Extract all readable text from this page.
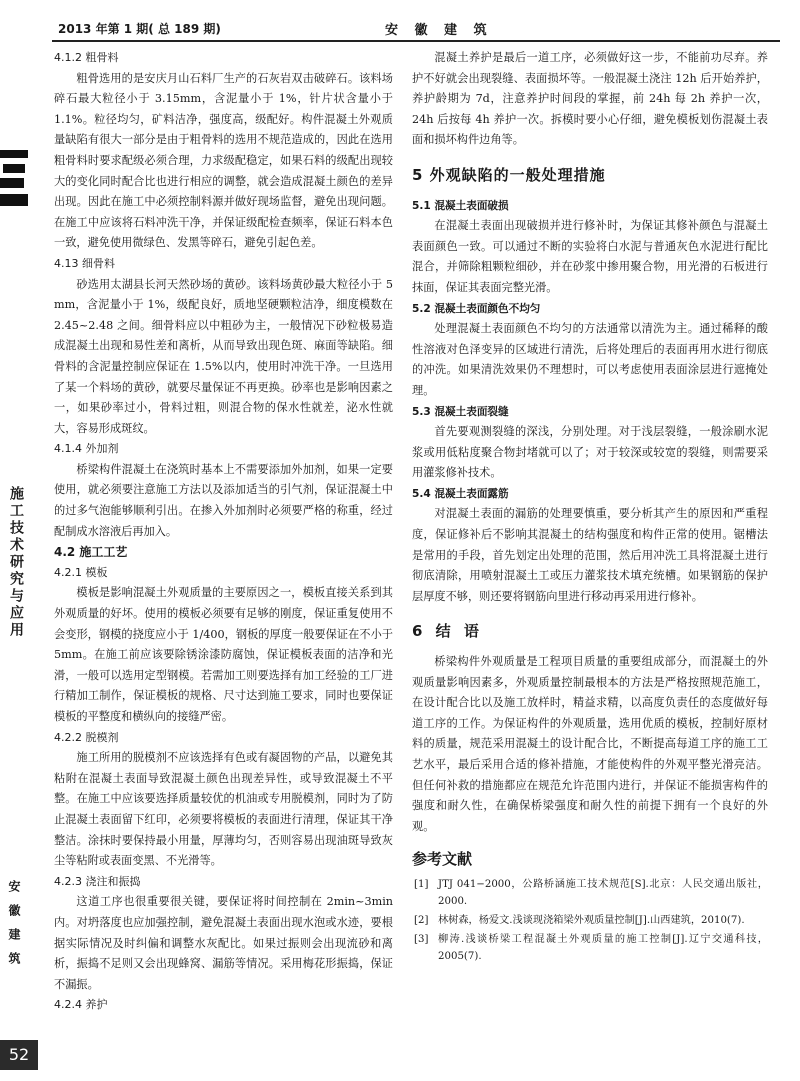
2013 年第 1 期( 总 189 期)	安 徽 建 筑
施工技术研究与应用
安徽建筑
52

4.1.2 粗骨料

粗骨选用的是安庆月山石料厂生产的石灰岩双击破碎石。该料场碎石最大粒径小于 3.15mm，含泥量小于 1%，针片状含量小于 1.1%。粒径均匀，矿料洁净，强度高，级配好。构件混凝土外观质量缺陷有很大一部分是由于粗骨料的选用不规范造成的，因此在选用粗骨料时要求配级必须合理，力求级配稳定，如果石料的级配出现较大的变化同时配合比也进行相应的调整，就会造成混凝土颜色的差异出现。因此在施工中必须控制料源并做好现场监督，避免出现问题。在施工中应该将石料冲洗干净，并保证级配检查频率，保证石料本色一致，避免使用微绿色、发黑等碎石，避免引起色差。

4.13 细骨料

砂选用太湖县长河天然砂场的黄砂。该料场黄砂最大粒径小于 5 mm，含泥量小于 1%，级配良好，质地坚硬颗粒洁净，细度模数在 2.45~2.48 之间。细骨料应以中粗砂为主，一般情况下砂粒极易造成混凝土出现和易性差和离析，从而导致出现色斑、麻面等缺陷。细骨料的含泥量控制应保证在 1.5%以内，使用时冲洗干净。一旦选用了某一个料场的黄砂，就要尽量保证不再更换。砂率也是影响因素之一，如果砂率过小，骨料过粗，则混合物的保水性就差，泌水性就大，容易形成斑纹。

4.1.4 外加剂

桥梁构件混凝土在浇筑时基本上不需要添加外加剂，如果一定要使用，就必须要注意施工方法以及添加适当的引气剂，保证混凝土中的过多气泡能够顺利引出。在掺入外加剂时必须要严格的称重，经过配制成水溶液后再加入。

4.2 施工工艺

4.2.1 模板

模板是影响混凝土外观质量的主要原因之一，模板直接关系到其外观质量的好坏。使用的模板必须要有足够的刚度，保证重复使用不会变形，钢模的挠度应小于 1/400，钢板的厚度一般要保证在不小于 5mm。在施工前应该要除锈涂漆防腐蚀，保证模板表面的洁净和光滑，一般可以选用定型钢模。若需加工则要选择有加工经验的工厂进行精加工制作，保证模板的规格、尺寸达到施工要求，同时也要保证模板的平整度和横纵向的接缝严密。

4.2.2 脱模剂

施工所用的脱模剂不应该选择有色或有凝固物的产品，以避免其粘附在混凝土表面导致混凝土颜色出现差异性，或导致混凝土不平整。在施工中应该要选择质量较优的机油或专用脱模剂，同时为了防止混凝土表面留下红印，必须要将模板的表面进行清理，保证其干净整洁。涂抹时要保持最小用量，厚薄均匀，否则容易出现油斑导致灰尘等粘附或表面变黑、不光滑等。

4.2.3 浇注和振捣

这道工序也很重要很关键，要保证将时间控制在 2min~3min 内。对坍落度也应加强控制，避免混凝土表面出现水泡或水迹，要根据实际情况及时纠偏和调整水灰配比。如果过振则会出现流砂和离析，振捣不足则又会出现蜂窝、漏筋等情况。采用梅花形振捣，保证不漏振。

4.2.4 养护

混凝土养护是最后一道工序，必须做好这一步，不能前功尽弃。养护不好就会出现裂缝、表面损坏等。一般混凝土浇注 12h 后开始养护，养护龄期为 7d，注意养护时间段的掌握，前 24h 每 2h 养护一次，24h 后按每 4h 养护一次。拆模时要小心仔细，避免模板划伤混凝土表面和损坏构件边角等。

5 外观缺陷的一般处理措施

5.1 混凝土表面破损

在混凝土表面出现破损并进行修补时，为保证其修补颜色与混凝土表面颜色一致。可以通过不断的实验将白水泥与普通灰色水泥进行配比混合，并筛除粗颗粒细砂，并在砂浆中掺用聚合物，用光滑的石板进行抹面，保证其表面完整光滑。

5.2 混凝土表面颜色不均匀

处理混凝土表面颜色不均匀的方法通常以清洗为主。通过稀释的酸性溶液对色泽变异的区域进行清洗，后将处理后的表面再用水进行彻底的冲洗。如果清洗效果仍不理想时，可以考虑使用表面涂层进行遮掩处理。

5.3 混凝土表面裂缝

首先要观测裂缝的深浅，分别处理。对于浅层裂缝，一般涂刷水泥浆或用低粘度聚合物封堵就可以了；对于较深或较宽的裂缝，则需要采用灌浆修补技术。

5.4 混凝土表面露筋

对混凝土表面的漏筋的处理要慎重，要分析其产生的原因和严重程度，保证修补后不影响其混凝土的结构强度和构件正常的使用。锯槽法是常用的手段，首先划定出处理的范围，然后用冲洗工具将混凝土进行彻底清除，用喷射混凝土工或压力灌浆技术填充统槽。如果钢筋的保护层厚度不够，则还要将钢筋向里进行移动再采用进行修补。

6 结 语

桥梁构件外观质量是工程项目质量的重要组成部分，而混凝土的外观质量影响因素多，外观质量控制最根本的方法是严格按照规范施工，在设计配合比以及施工放样时，精益求精，以高度负责任的态度做好每道工序的工作。为保证构件的外观质量，选用优质的模板，控制好原材料的质量，规范采用混凝土的设计配合比，不断提高每道工序的施工工艺水平，最后采用合适的修补措施，才能使构件的外观平整光滑亮洁。但任何补救的措施都应在规范允许范围内进行，并保证不能损害构件的强度和耐久性，在确保桥梁强度和耐久性的前提下拥有一个良好的外观。

参考文献

[1] JTJ 041−2000，公路桥涵施工技术规范[S].北京：人民交通出版社，2000.
[2] 林树森，杨爱文.浅谈现浇箱梁外观质量控制[J].山西建筑，2010(7).
[3] 柳涛.浅谈桥梁工程混凝土外观质量的施工控制[J].辽宁交通科技，2005(7).
